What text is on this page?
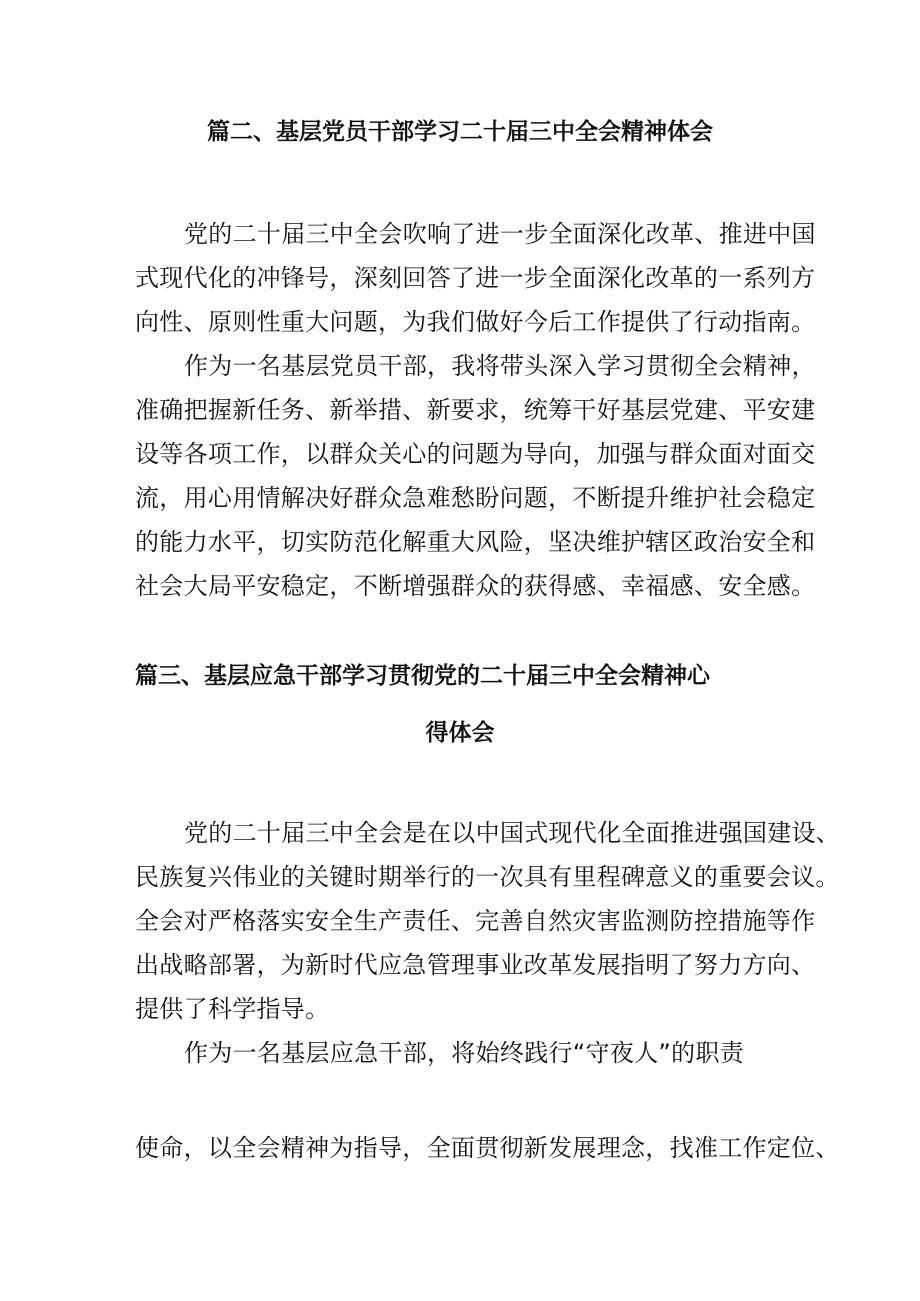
篇二、基层党员干部学习二十届三中全会精神体会
党的二十届三中全会吹响了进一步全面深化改革、推进中国
式现代化的冲锋号，深刻回答了进一步全面深化改革的一系列方
向性、原则性重大问题，为我们做好今后工作提供了行动指南。
作为一名基层党员干部，我将带头深入学习贯彻全会精神，
准确把握新任务、新举措、新要求，统筹干好基层党建、平安建
设等各项工作，以群众关心的问题为导向，加强与群众面对面交
流，用心用情解决好群众急难愁盼问题，不断提升维护社会稳定
的能力水平，切实防范化解重大风险，坚决维护辖区政治安全和
社会大局平安稳定，不断增强群众的获得感、幸福感、安全感。
篇三、基层应急干部学习贯彻党的二十届三中全会精神心
得体会
党的二十届三中全会是在以中国式现代化全面推进强国建设、
民族复兴伟业的关键时期举行的一次具有里程碑意义的重要会议。
全会对严格落实安全生产责任、完善自然灾害监测防控措施等作
出战略部署，为新时代应急管理事业改革发展指明了努力方向、
提供了科学指导。
作为一名基层应急干部，将始终践行“守夜人”的职责
使命，以全会精神为指导，全面贯彻新发展理念，找准工作定位、
